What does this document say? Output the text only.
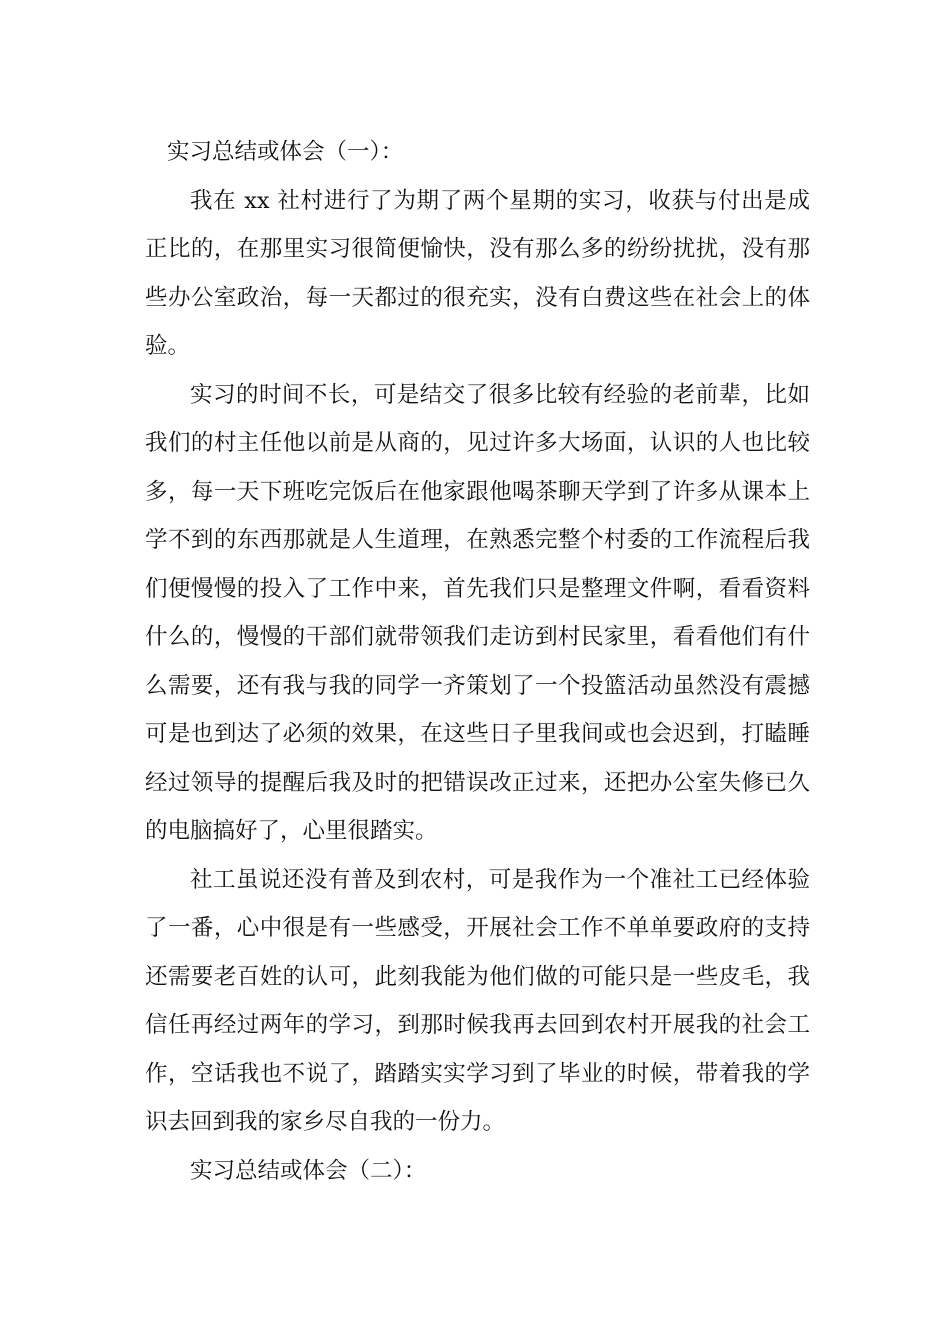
实习总结或体会（一）：

我在 xx 社村进行了为期了两个星期的实习，收获与付出是成正比的，在那里实习很简便愉快，没有那么多的纷纷扰扰，没有那些办公室政治，每一天都过的很充实，没有白费这些在社会上的体验。

实习的时间不长，可是结交了很多比较有经验的老前辈，比如我们的村主任他以前是从商的，见过许多大场面，认识的人也比较多，每一天下班吃完饭后在他家跟他喝茶聊天学到了许多从课本上学不到的东西那就是人生道理，在熟悉完整个村委的工作流程后我们便慢慢的投入了工作中来，首先我们只是整理文件啊，看看资料什么的，慢慢的干部们就带领我们走访到村民家里，看看他们有什么需要，还有我与我的同学一齐策划了一个投篮活动虽然没有震撼可是也到达了必须的效果，在这些日子里我间或也会迟到，打瞌睡经过领导的提醒后我及时的把错误改正过来，还把办公室失修已久的电脑搞好了，心里很踏实。

社工虽说还没有普及到农村，可是我作为一个准社工已经体验了一番，心中很是有一些感受，开展社会工作不单单要政府的支持还需要老百姓的认可，此刻我能为他们做的可能只是一些皮毛，我信任再经过两年的学习，到那时候我再去回到农村开展我的社会工作，空话我也不说了，踏踏实实学习到了毕业的时候，带着我的学识去回到我的家乡尽自我的一份力。

实习总结或体会（二）：
